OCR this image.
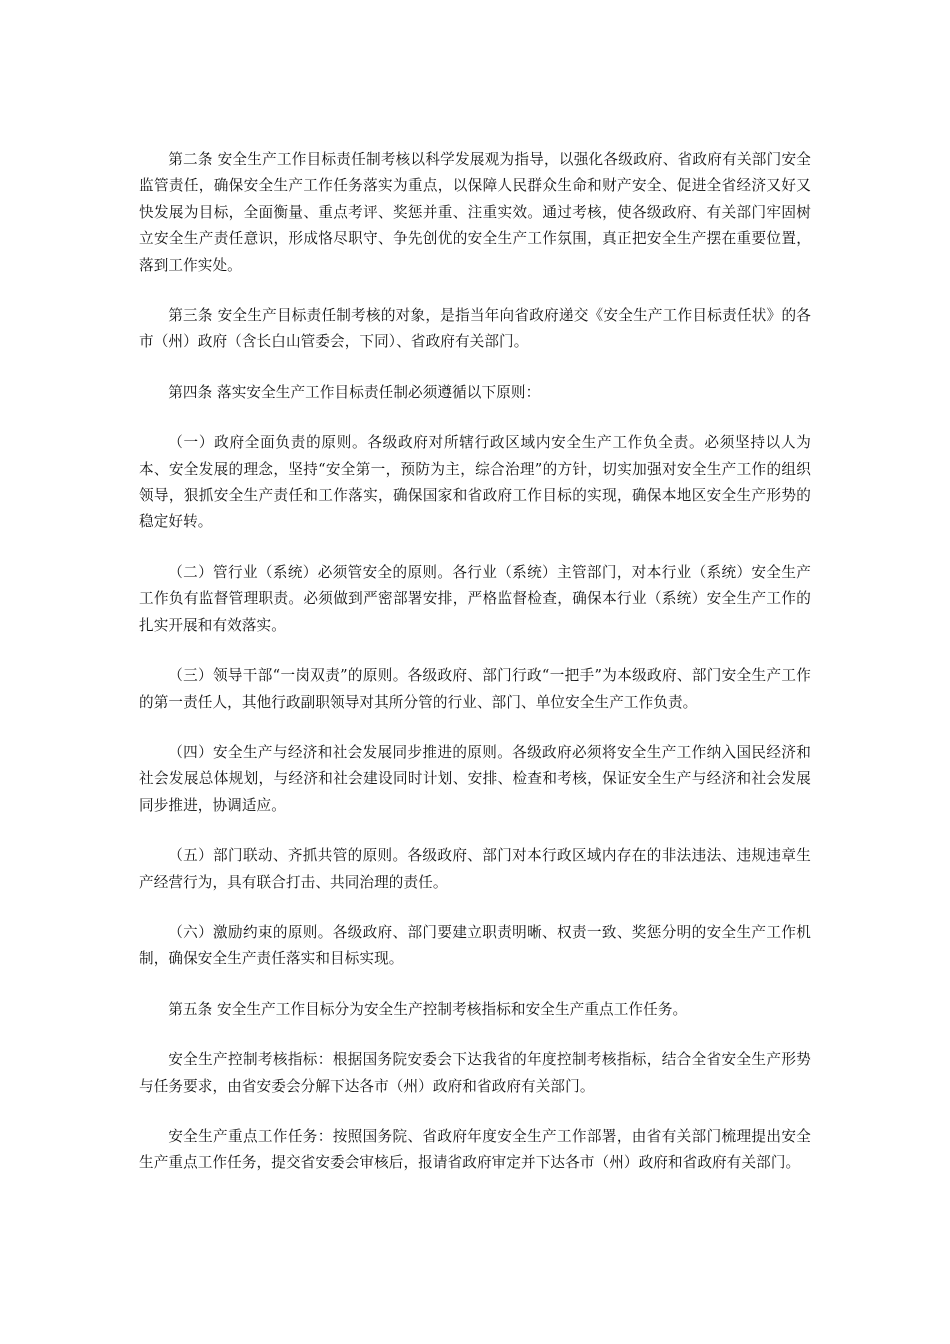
第二条 安全生产工作目标责任制考核以科学发展观为指导，以强化各级政府、省政府有关部门安全监管责任，确保安全生产工作任务落实为重点，以保障人民群众生命和财产安全、促进全省经济又好又快发展为目标，全面衡量、重点考评、奖惩并重、注重实效。通过考核，使各级政府、有关部门牢固树立安全生产责任意识，形成恪尽职守、争先创优的安全生产工作氛围，真正把安全生产摆在重要位置，落到工作实处。

第三条 安全生产目标责任制考核的对象，是指当年向省政府递交《安全生产工作目标责任状》的各市（州）政府（含长白山管委会，下同）、省政府有关部门。

第四条 落实安全生产工作目标责任制必须遵循以下原则：

（一）政府全面负责的原则。各级政府对所辖行政区域内安全生产工作负全责。必须坚持以人为本、安全发展的理念，坚持“安全第一，预防为主，综合治理”的方针，切实加强对安全生产工作的组织领导，狠抓安全生产责任和工作落实，确保国家和省政府工作目标的实现，确保本地区安全生产形势的稳定好转。

（二）管行业（系统）必须管安全的原则。各行业（系统）主管部门，对本行业（系统）安全生产工作负有监督管理职责。必须做到严密部署安排，严格监督检查，确保本行业（系统）安全生产工作的扎实开展和有效落实。

（三）领导干部“一岗双责”的原则。各级政府、部门行政“一把手”为本级政府、部门安全生产工作的第一责任人，其他行政副职领导对其所分管的行业、部门、单位安全生产工作负责。

（四）安全生产与经济和社会发展同步推进的原则。各级政府必须将安全生产工作纳入国民经济和社会发展总体规划，与经济和社会建设同时计划、安排、检查和考核，保证安全生产与经济和社会发展同步推进，协调适应。

（五）部门联动、齐抓共管的原则。各级政府、部门对本行政区域内存在的非法违法、违规违章生产经营行为，具有联合打击、共同治理的责任。

（六）激励约束的原则。各级政府、部门要建立职责明晰、权责一致、奖惩分明的安全生产工作机制，确保安全生产责任落实和目标实现。

第五条 安全生产工作目标分为安全生产控制考核指标和安全生产重点工作任务。

安全生产控制考核指标：根据国务院安委会下达我省的年度控制考核指标，结合全省安全生产形势与任务要求，由省安委会分解下达各市（州）政府和省政府有关部门。

安全生产重点工作任务：按照国务院、省政府年度安全生产工作部署，由省有关部门梳理提出安全生产重点工作任务，提交省安委会审核后，报请省政府审定并下达各市（州）政府和省政府有关部门。
